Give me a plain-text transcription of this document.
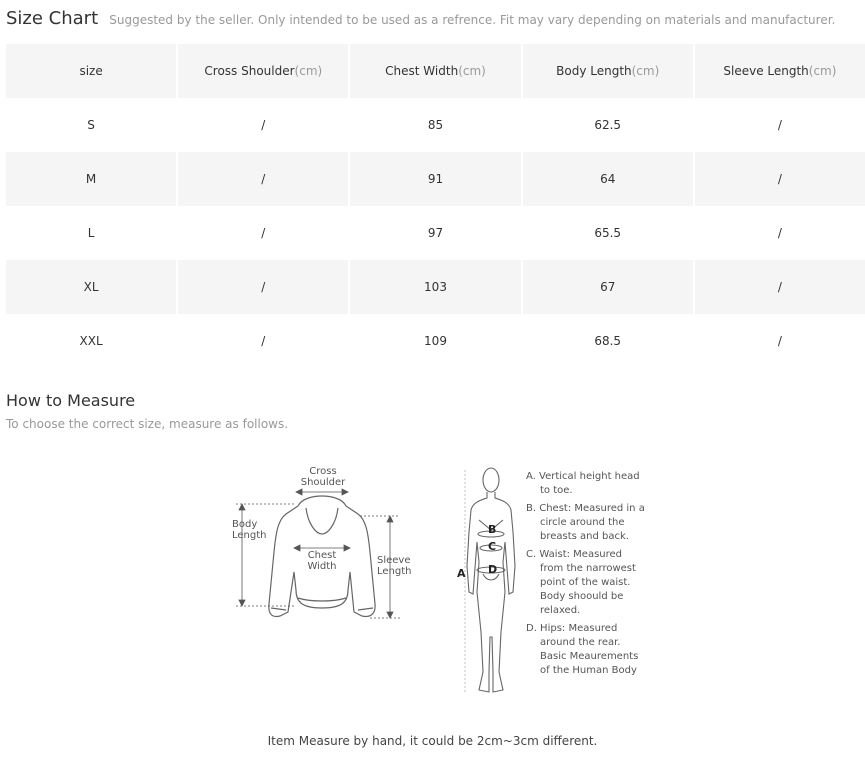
Size Chart Suggested by the seller. Only intended to be used as a refrence. Fit may vary depending on materials and manufacturer.
size	Cross Shoulder (cm)	Chest Width (cm)	Body Length (cm)	Sleeve Length (cm)
S	/	85	62.5	/
M	/	91	64	/
L	/	97	65.5	/
XL	/	103	67	/
XXL	/	109	68.5	/
How to Measure
To choose the correct size, measure as follows.
Cross
Shoulder
Body
Length
Chest
Width
Sleeve
Length	A
B
C
D
A. Vertical height head
to toe.
B. Chest: Measured in a
circle around the
breasts and back.
C. Waist: Measured
from the narrowest
point of the waist.
Body shoould be
relaxed.
D. Hips: Measured
around the rear.
Basic Meaurements
of the Human Body
Item Measure by hand, it could be 2cm~3cm different.
